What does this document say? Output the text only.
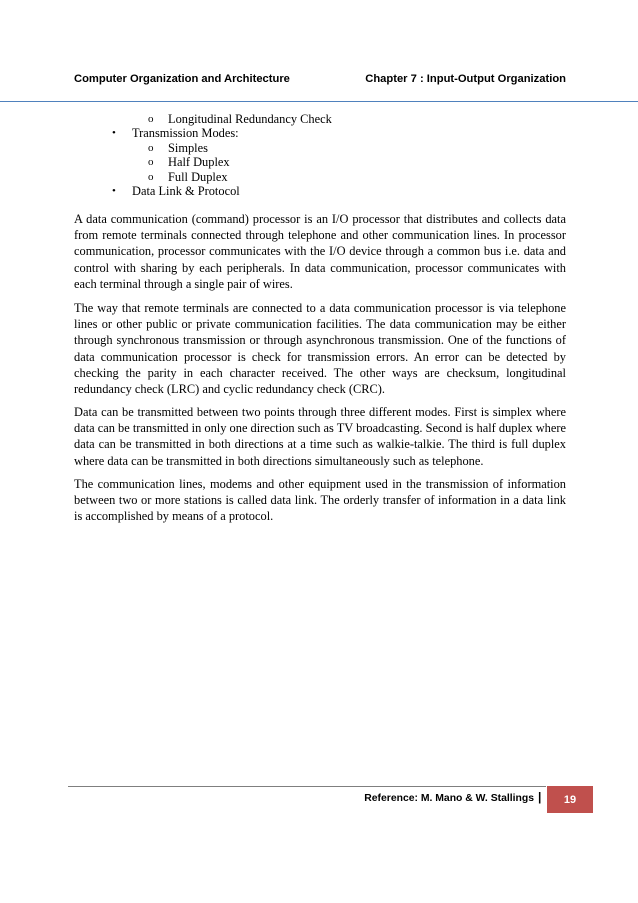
Computer Organization and Architecture	Chapter 7 : Input-Output Organization
o Longitudinal Redundancy Check
• Transmission Modes:
o Simples
o Half Duplex
o Full Duplex
• Data Link & Protocol

A data communication (command) processor is an I/O processor that distributes and collects data from remote terminals connected through telephone and other communication lines. In processor communication, processor communicates with the I/O device through a common bus i.e. data and control with sharing by each peripherals. In data communication, processor communicates with each terminal through a single pair of wires.

The way that remote terminals are connected to a data communication processor is via telephone lines or other public or private communication facilities. The data communication may be either through synchronous transmission or through asynchronous transmission. One of the functions of data communication processor is check for transmission errors. An error can be detected by checking the parity in each character received. The other ways are checksum, longitudinal redundancy check (LRC) and cyclic redundancy check (CRC).

Data can be transmitted between two points through three different modes. First is simplex where data can be transmitted in only one direction such as TV broadcasting. Second is half duplex where data can be transmitted in both directions at a time such as walkie-talkie. The third is full duplex where data can be transmitted in both directions simultaneously such as telephone.

The communication lines, modems and other equipment used in the transmission of information between two or more stations is called data link. The orderly transfer of information in a data link is accomplished by means of a protocol.

Reference: M. Mano & W. Stallings | 19
